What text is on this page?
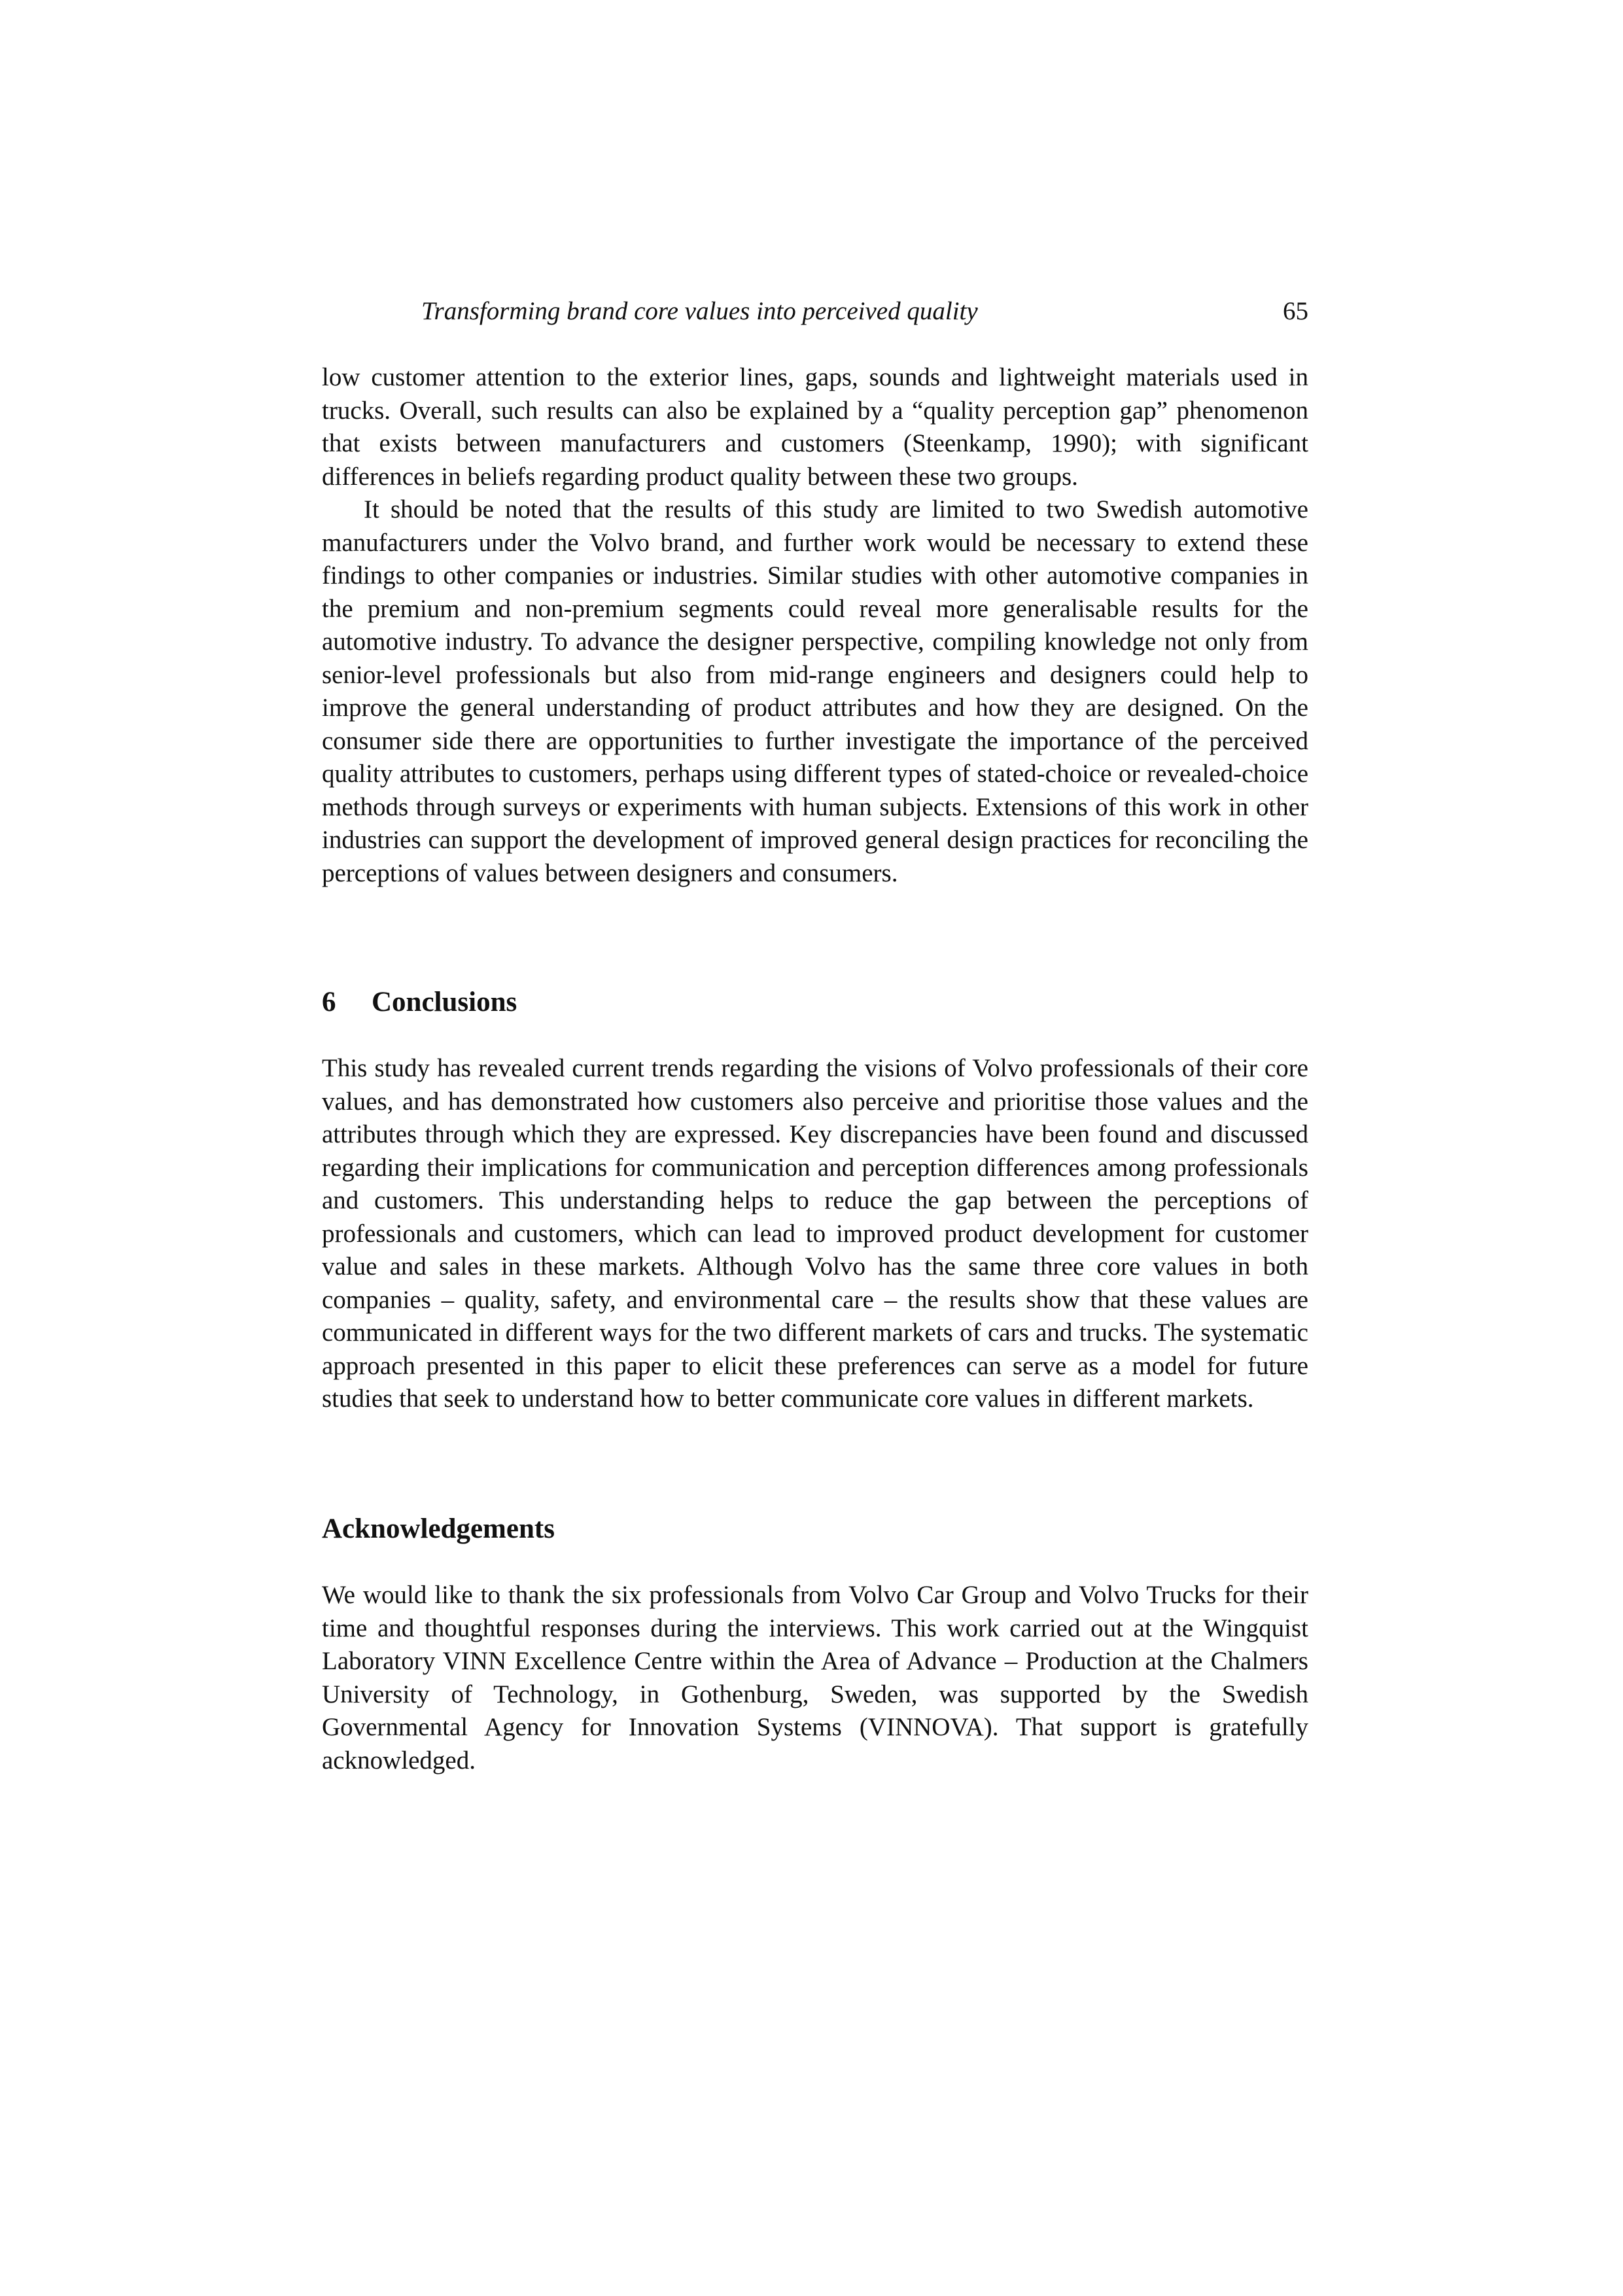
Transforming brand core values into perceived quality	65

low customer attention to the exterior lines, gaps, sounds and lightweight materials used in trucks. Overall, such results can also be explained by a “quality perception gap” phenomenon that exists between manufacturers and customers (Steenkamp, 1990); with significant differences in beliefs regarding product quality between these two groups.

It should be noted that the results of this study are limited to two Swedish automotive manufacturers under the Volvo brand, and further work would be necessary to extend these findings to other companies or industries. Similar studies with other automotive companies in the premium and non-premium segments could reveal more generalisable results for the automotive industry. To advance the designer perspective, compiling knowledge not only from senior-level professionals but also from mid-range engineers and designers could help to improve the general understanding of product attributes and how they are designed. On the consumer side there are opportunities to further investigate the importance of the perceived quality attributes to customers, perhaps using different types of stated-choice or revealed-choice methods through surveys or experiments with human subjects. Extensions of this work in other industries can support the development of improved general design practices for reconciling the perceptions of values between designers and consumers.

6 Conclusions

This study has revealed current trends regarding the visions of Volvo professionals of their core values, and has demonstrated how customers also perceive and prioritise those values and the attributes through which they are expressed. Key discrepancies have been found and discussed regarding their implications for communication and perception differences among professionals and customers. This understanding helps to reduce the gap between the perceptions of professionals and customers, which can lead to improved product development for customer value and sales in these markets. Although Volvo has the same three core values in both companies – quality, safety, and environmental care – the results show that these values are communicated in different ways for the two different markets of cars and trucks. The systematic approach presented in this paper to elicit these preferences can serve as a model for future studies that seek to understand how to better communicate core values in different markets.

Acknowledgements

We would like to thank the six professionals from Volvo Car Group and Volvo Trucks for their time and thoughtful responses during the interviews. This work carried out at the Wingquist Laboratory VINN Excellence Centre within the Area of Advance – Production at the Chalmers University of Technology, in Gothenburg, Sweden, was supported by the Swedish Governmental Agency for Innovation Systems (VINNOVA). That support is gratefully acknowledged.
